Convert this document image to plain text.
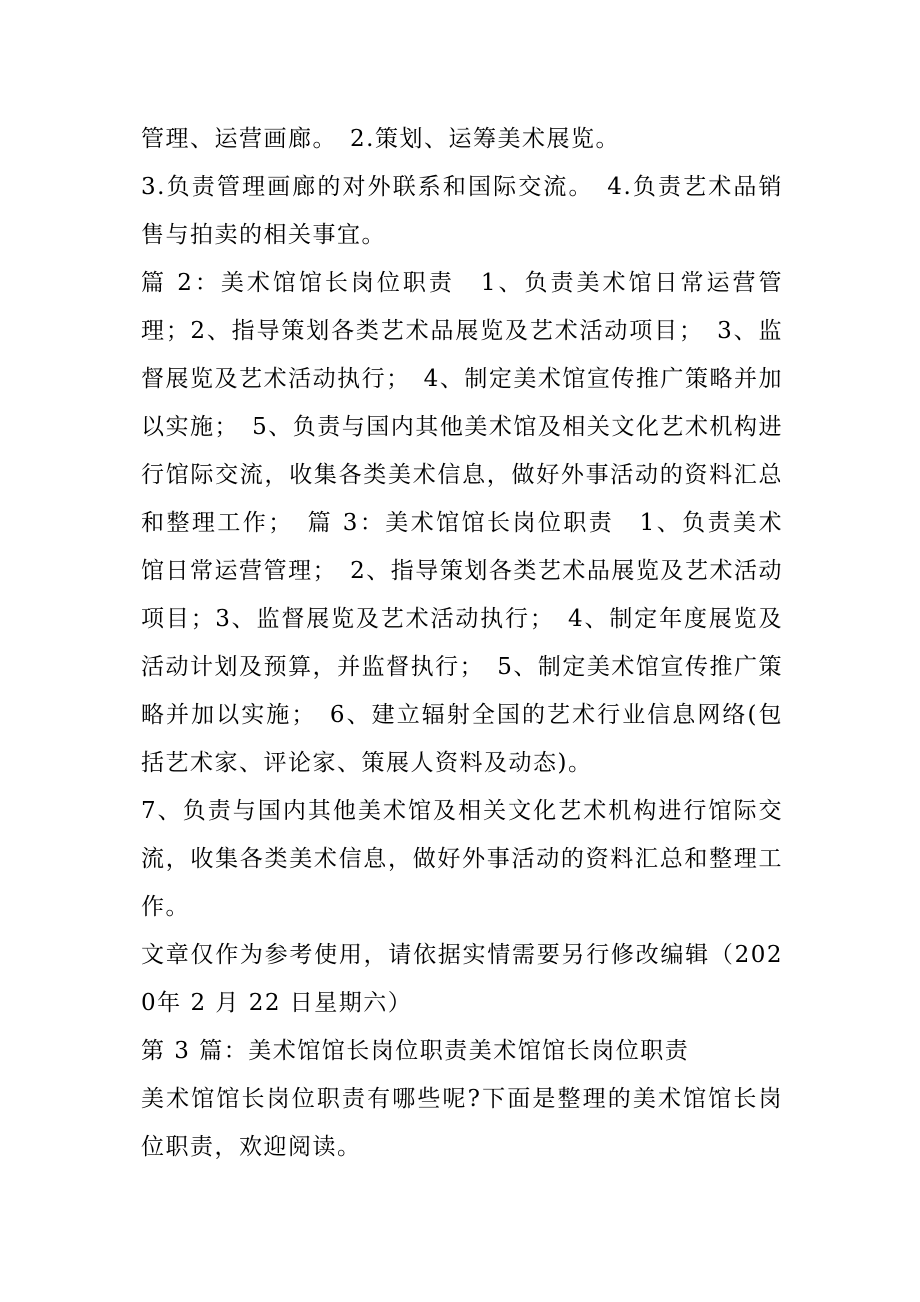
管理、运营画廊。　2.策划、运筹美术展览。

3.负责管理画廊的对外联系和国际交流。　4.负责艺术品销售与拍卖的相关事宜。

篇 2：美术馆馆长岗位职责　1、负责美术馆日常运营管理；2、指导策划各类艺术品展览及艺术活动项目；　3、监督展览及艺术活动执行；　4、制定美术馆宣传推广策略并加以实施；　5、负责与国内其他美术馆及相关文化艺术机构进行馆际交流，收集各类美术信息，做好外事活动的资料汇总和整理工作；　篇 3：美术馆馆长岗位职责　1、负责美术馆日常运营管理；　2、指导策划各类艺术品展览及艺术活动项目；3、监督展览及艺术活动执行；　4、制定年度展览及活动计划及预算，并监督执行；　5、制定美术馆宣传推广策略并加以实施；　6、建立辐射全国的艺术行业信息网络(包括艺术家、评论家、策展人资料及动态)。

7、负责与国内其他美术馆及相关文化艺术机构进行馆际交流，收集各类美术信息，做好外事活动的资料汇总和整理工作。

文章仅作为参考使用，请依据实情需要另行修改编辑（2020年 2 月 22 日星期六）

第 3 篇：美术馆馆长岗位职责美术馆馆长岗位职责

美术馆馆长岗位职责有哪些呢?下面是整理的美术馆馆长岗位职责，欢迎阅读。
